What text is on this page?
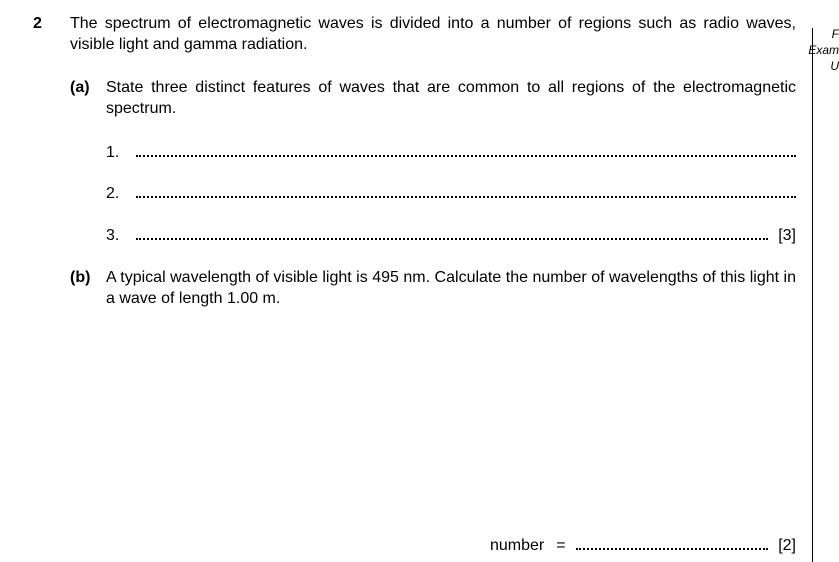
2 The spectrum of electromagnetic waves is divided into a number of regions such as radio waves, visible light and gamma radiation.
(a) State three distinct features of waves that are common to all regions of the electromagnetic spectrum.
1.
2.
3.	[3]
(b) A typical wavelength of visible light is 495 nm. Calculate the number of wavelengths of this light in a wave of length 1.00 m.
number =	[2]
F
Exam
U
